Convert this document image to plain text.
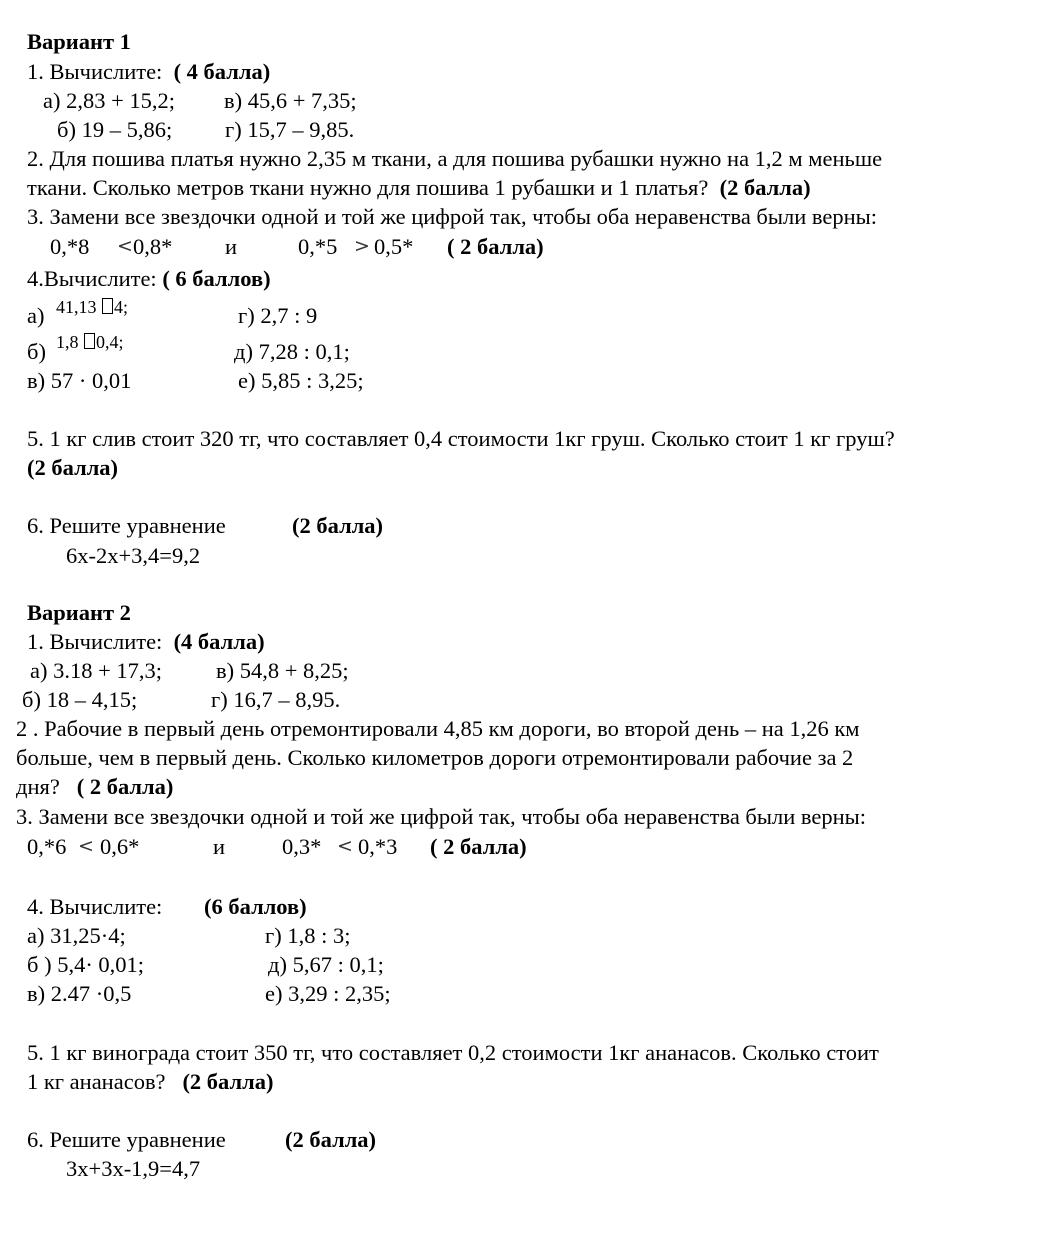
Вариант 1
1. Вычислите: ( 4 балла)
а) 2,83 + 15,2; в) 45,6 + 7,35;
б) 19 – 5,86; г) 15,7 – 9,85.
2. Для пошива платья нужно 2,35 м ткани, а для пошива рубашки нужно на 1,2 м меньше
ткани. Сколько метров ткани нужно для пошива 1 рубашки и 1 платья? (2 балла)
3. Замени все звездочки одной и той же цифрой так, чтобы оба неравенства были верны:
0,*8 < 0,8* и	0,*5 > 0,5* ( 2 балла)
4.Вычислите: ( 6 баллов)
а) 41,13 4;	г) 2,7 : 9
б) 1,8 0,4;	д) 7,28 : 0,1;
в) 57 · 0,01	е) 5,85 : 3,25;
5. 1 кг слив стоит 320 тг, что составляет 0,4 стоимости 1кг груш. Сколько стоит 1 кг груш?
(2 балла)
6. Решите уравнение	(2 балла)
6х-2х+3,4=9,2
Вариант 2
1. Вычислите: (4 балла)
а) 3.18 + 17,3; в) 54,8 + 8,25;
б) 18 – 4,15;	г) 16,7 – 8,95.
2 . Рабочие в первый день отремонтировали 4,85 км дороги, во второй день – на 1,26 км
больше, чем в первый день. Сколько километров дороги отремонтировали рабочие за 2
дня? ( 2 балла)
3. Замени все звездочки одной и той же цифрой так, чтобы оба неравенства были верны:
0,*6 < 0,6*	и	0,3* < 0,*3 ( 2 балла)
4. Вычислите: (6 баллов)
а) 31,25·4;	г) 1,8 : 3;
б ) 5,4· 0,01;	д) 5,67 : 0,1;
в) 2.47 ·0,5	е) 3,29 : 2,35;
5. 1 кг винограда стоит 350 тг, что составляет 0,2 стоимости 1кг ананасов. Сколько стоит
1 кг ананасов? (2 балла)
6. Решите уравнение	(2 балла)
3х+3х-1,9=4,7
